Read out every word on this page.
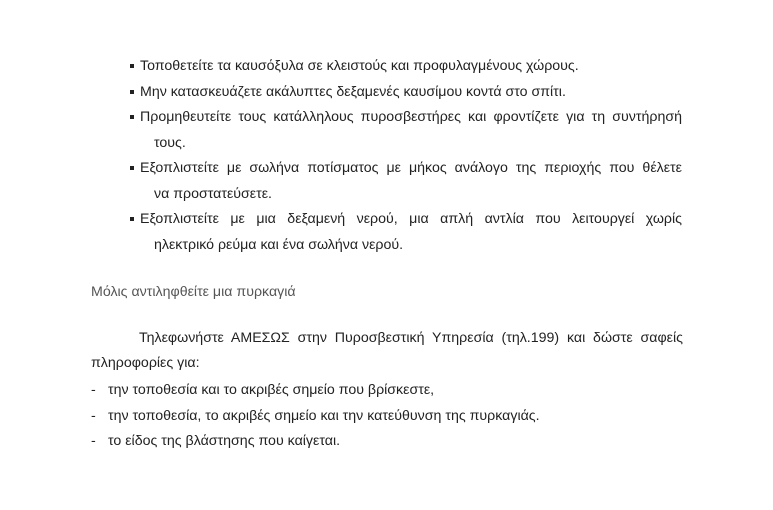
Τοποθετείτε τα καυσόξυλα σε κλειστούς και προφυλαγμένους χώρους.
Μην κατασκευάζετε ακάλυπτες δεξαμενές καυσίμου κοντά στο σπίτι.
Προμηθευτείτε τους κατάλληλους πυροσβεστήρες και φροντίζετε για τη συντήρησή
τους.
Εξοπλιστείτε με σωλήνα ποτίσματος με μήκος ανάλογο της περιοχής που θέλετε
να προστατεύσετε.
Εξοπλιστείτε με μια δεξαμενή νερού, μια απλή αντλία που λειτουργεί χωρίς
ηλεκτρικό ρεύμα και ένα σωλήνα νερού.
Μόλις αντιληφθείτε μια πυρκαγιά
Τηλεφωνήστε ΑΜΕΣΩΣ στην Πυροσβεστική Υπηρεσία (τηλ.199) και δώστε σαφείς
πληροφορίες για:
- την τοποθεσία και το ακριβές σημείο που βρίσκεστε,
- την τοποθεσία, το ακριβές σημείο και την κατεύθυνση της πυρκαγιάς.
- το είδος της βλάστησης που καίγεται.
